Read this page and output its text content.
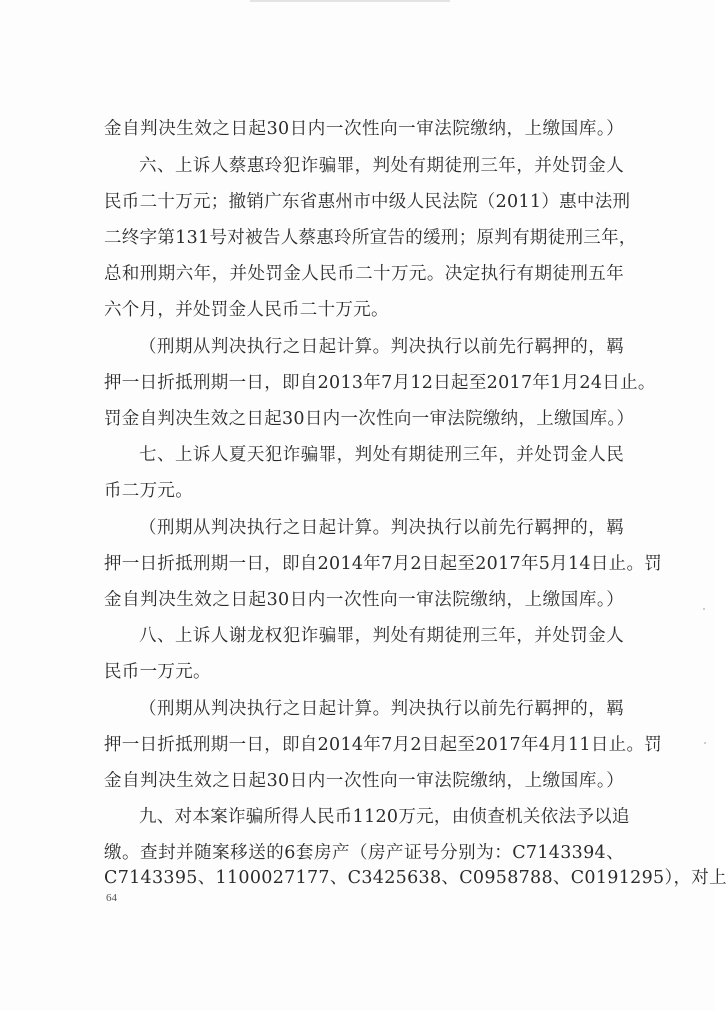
金自判决生效之日起30日内一次性向一审法院缴纳，上缴国库。）
六、上诉人蔡惠玲犯诈骗罪，判处有期徒刑三年，并处罚金人
民币二十万元；撤销广东省惠州市中级人民法院（2011）惠中法刑
二终字第131号对被告人蔡惠玲所宣告的缓刑；原判有期徒刑三年，
总和刑期六年，并处罚金人民币二十万元。决定执行有期徒刑五年
六个月，并处罚金人民币二十万元。
（刑期从判决执行之日起计算。判决执行以前先行羁押的，羁
押一日折抵刑期一日，即自2013年7月12日起至2017年1月24日止。
罚金自判决生效之日起30日内一次性向一审法院缴纳，上缴国库。）
七、上诉人夏天犯诈骗罪，判处有期徒刑三年，并处罚金人民
币二万元。
（刑期从判决执行之日起计算。判决执行以前先行羁押的，羁
押一日折抵刑期一日，即自2014年7月2日起至2017年5月14日止。罚
金自判决生效之日起30日内一次性向一审法院缴纳，上缴国库。）
八、上诉人谢龙权犯诈骗罪，判处有期徒刑三年，并处罚金人
民币一万元。
（刑期从判决执行之日起计算。判决执行以前先行羁押的，羁
押一日折抵刑期一日，即自2014年7月2日起至2017年4月11日止。罚
金自判决生效之日起30日内一次性向一审法院缴纳，上缴国库。）
九、对本案诈骗所得人民币1120万元，由侦查机关依法予以追
缴。查封并随案移送的6套房产（房产证号分别为：C7143394、
C7143395、1100027177、C3425638、C0958788、C0191295），对上
64
